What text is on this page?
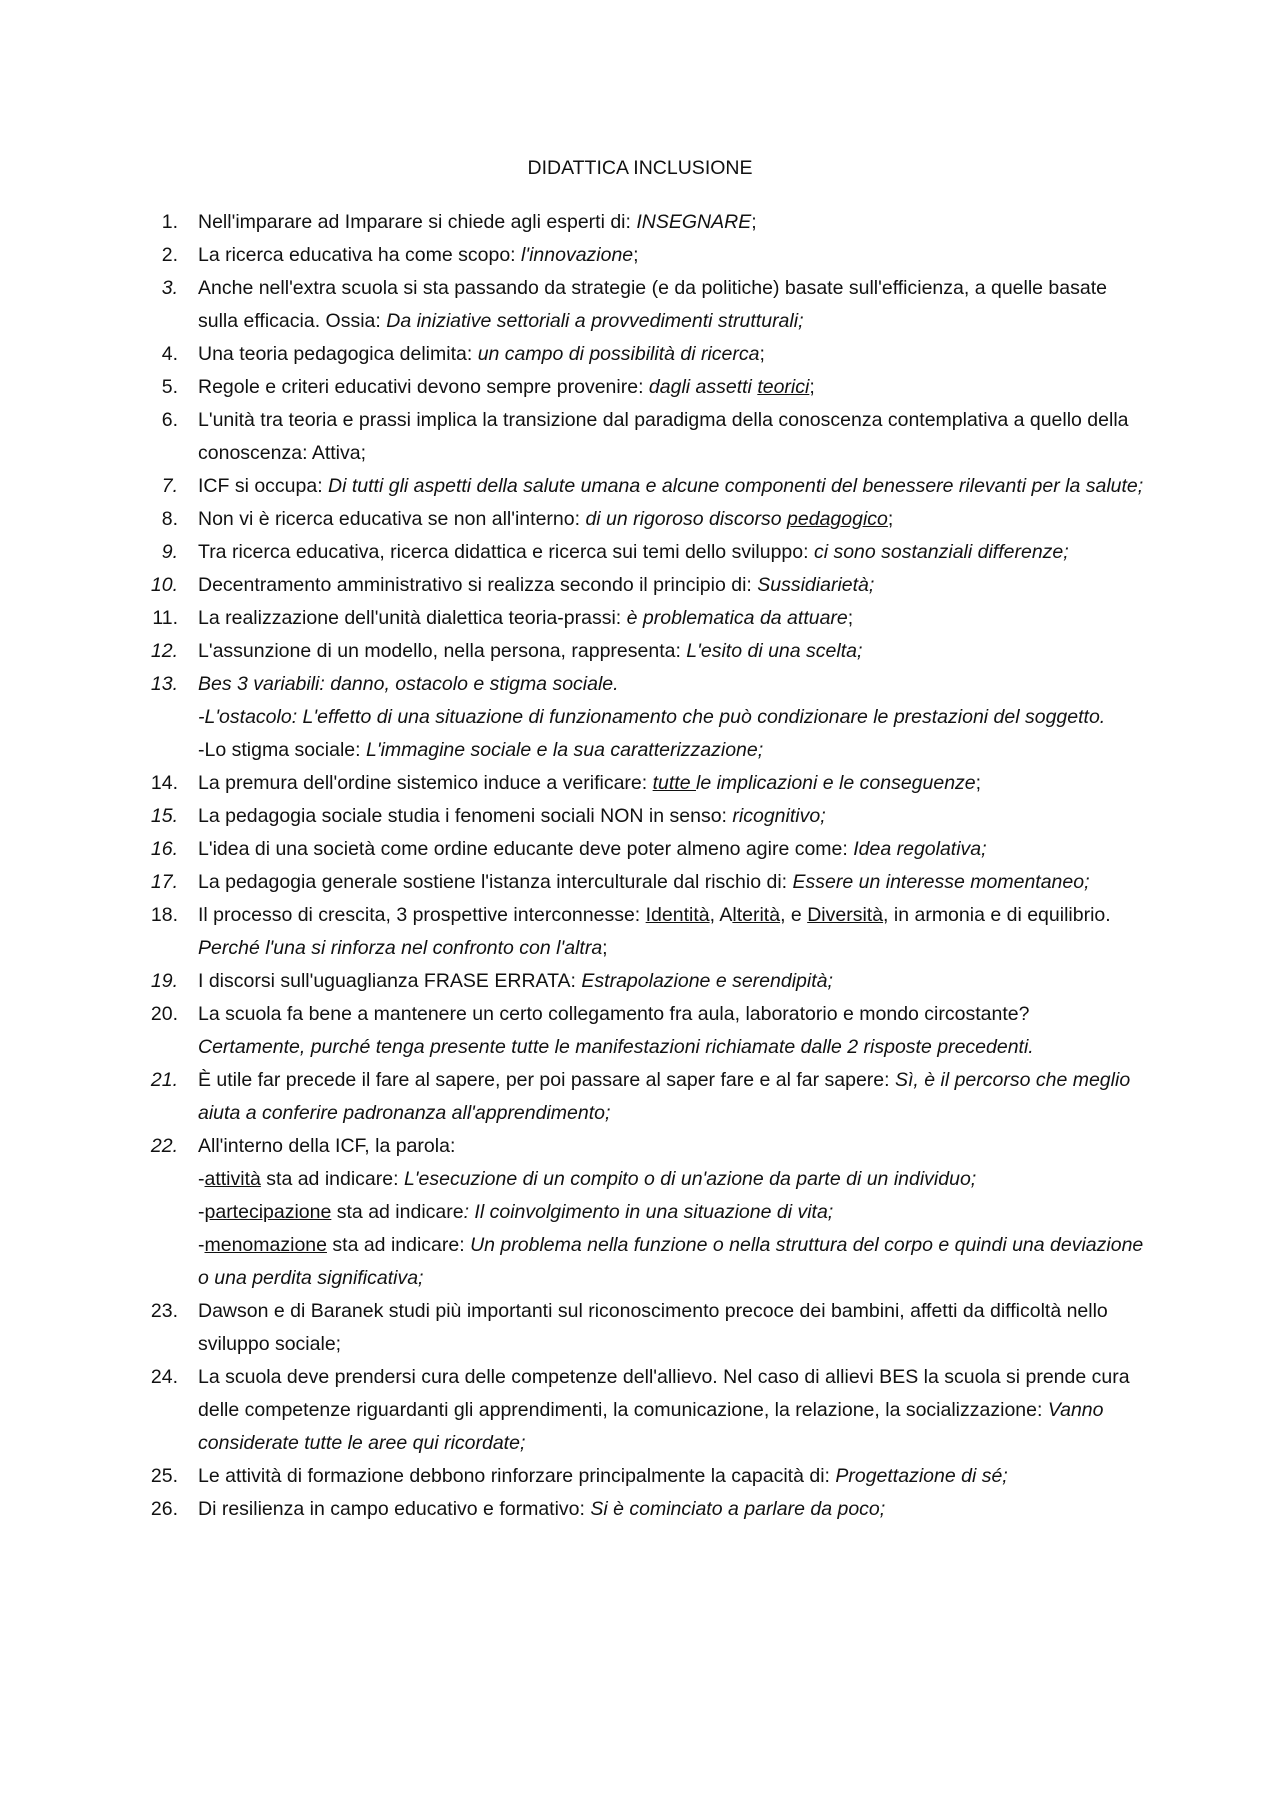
DIDATTICA INCLUSIONE
1. Nell'imparare ad Imparare si chiede agli esperti di: INSEGNARE;
2. La ricerca educativa ha come scopo: l'innovazione;
3. Anche nell'extra scuola si sta passando da strategie (e da politiche) basate sull'efficienza, a quelle basate sulla efficacia. Ossia: Da iniziative settoriali a provvedimenti strutturali;
4. Una teoria pedagogica delimita: un campo di possibilità di ricerca;
5. Regole e criteri educativi devono sempre provenire: dagli assetti teorici;
6. L'unità tra teoria e prassi implica la transizione dal paradigma della conoscenza contemplativa a quello della conoscenza: Attiva;
7. ICF si occupa: Di tutti gli aspetti della salute umana e alcune componenti del benessere rilevanti per la salute;
8. Non vi è ricerca educativa se non all'interno: di un rigoroso discorso pedagogico;
9. Tra ricerca educativa, ricerca didattica e ricerca sui temi dello sviluppo: ci sono sostanziali differenze;
10. Decentramento amministrativo si realizza secondo il principio di: Sussidiarietà;
11. La realizzazione dell'unità dialettica teoria-prassi: è problematica da attuare;
12. L'assunzione di un modello, nella persona, rappresenta: L'esito di una scelta;
13. Bes 3 variabili: danno, ostacolo e stigma sociale.
-L'ostacolo: L'effetto di una situazione di funzionamento che può condizionare le prestazioni del soggetto.
-Lo stigma sociale: L'immagine sociale e la sua caratterizzazione;
14. La premura dell'ordine sistemico induce a verificare: tutte le implicazioni e le conseguenze;
15. La pedagogia sociale studia i fenomeni sociali NON in senso: ricognitivo;
16. L'idea di una società come ordine educante deve poter almeno agire come: Idea regolativa;
17. La pedagogia generale sostiene l'istanza interculturale dal rischio di: Essere un interesse momentaneo;
18. Il processo di crescita, 3 prospettive interconnesse: Identità, Alterità, e Diversità, in armonia e di equilibrio. Perché l'una si rinforza nel confronto con l'altra;
19. I discorsi sull'uguaglianza FRASE ERRATA: Estrapolazione e serendipità;
20. La scuola fa bene a mantenere un certo collegamento fra aula, laboratorio e mondo circostante?
Certamente, purché tenga presente tutte le manifestazioni richiamate dalle 2 risposte precedenti.
21. È utile far precede il fare al sapere, per poi passare al saper fare e al far sapere: Sì, è il percorso che meglio aiuta a conferire padronanza all'apprendimento;
22. All'interno della ICF, la parola:
-attività sta ad indicare: L'esecuzione di un compito o di un'azione da parte di un individuo;
-partecipazione sta ad indicare: Il coinvolgimento in una situazione di vita;
-menomazione sta ad indicare: Un problema nella funzione o nella struttura del corpo e quindi una deviazione o una perdita significativa;
23. Dawson e di Baranek studi più importanti sul riconoscimento precoce dei bambini, affetti da difficoltà nello sviluppo sociale;
24. La scuola deve prendersi cura delle competenze dell'allievo. Nel caso di allievi BES la scuola si prende cura delle competenze riguardanti gli apprendimenti, la comunicazione, la relazione, la socializzazione: Vanno considerate tutte le aree qui ricordate;
25. Le attività di formazione debbono rinforzare principalmente la capacità di: Progettazione di sé;
26. Di resilienza in campo educativo e formativo: Si è cominciato a parlare da poco;
